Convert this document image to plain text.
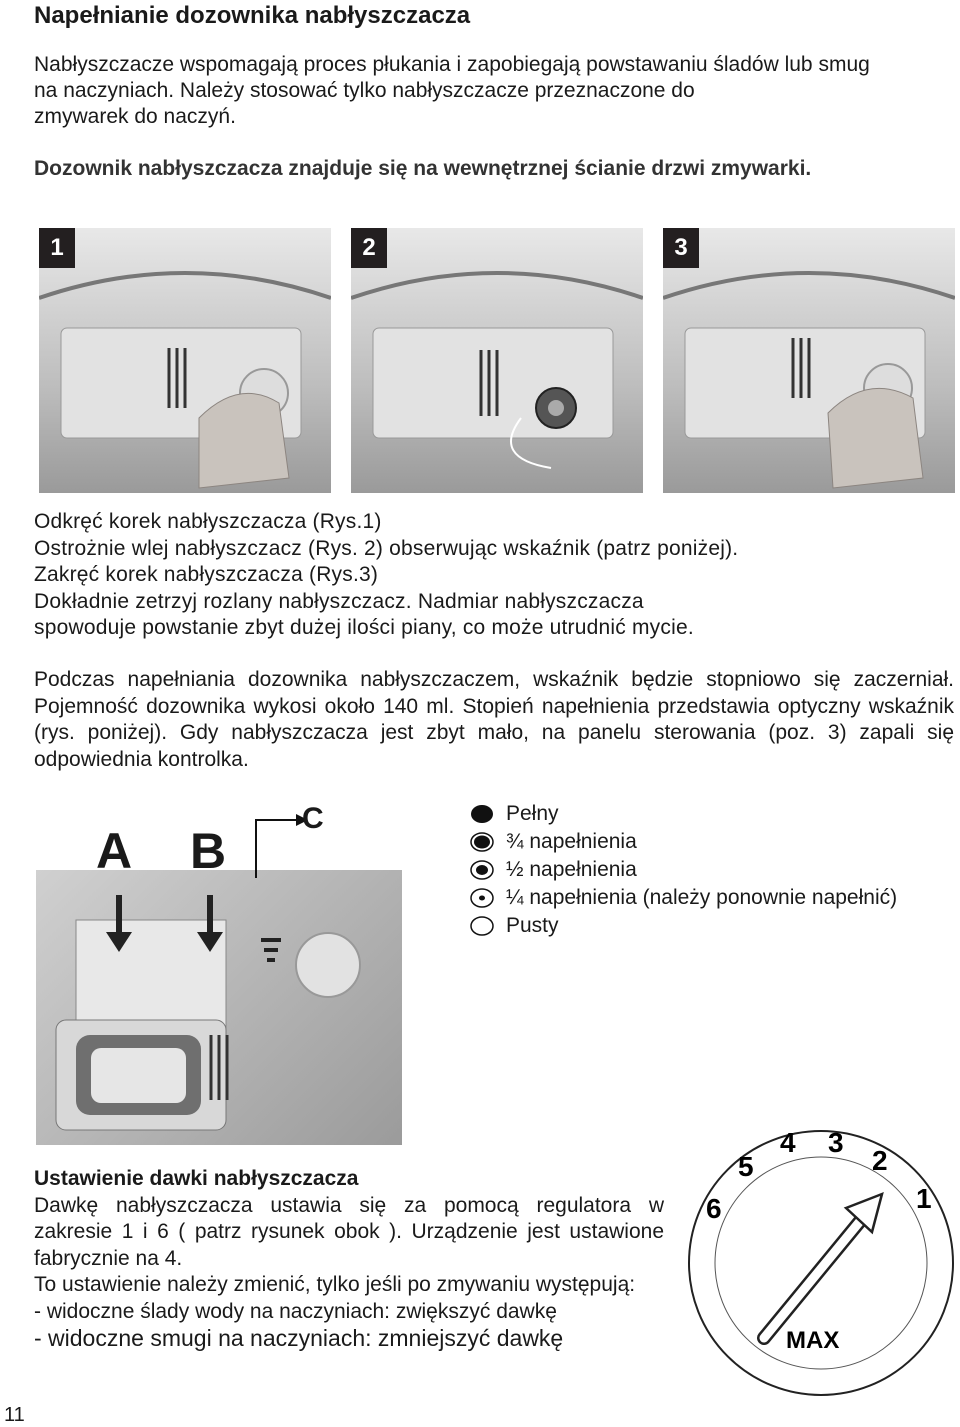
Napełnianie dozownika nabłyszczacza

Nabłyszczacze wspomagają proces płukania i zapobiegają powstawaniu śladów lub smug

na naczyniach. Należy stosować tylko nabłyszczacze przeznaczone do

zmywarek do naczyń.

Dozownik nabłyszczacza znajduje się na wewnętrznej ścianie drzwi zmywarki.

1	2	3
Odkręć korek nabłyszczacza (Rys.1)
Ostrożnie wlej nabłyszczacz (Rys. 2) obserwując wskaźnik (patrz poniżej).
Zakręć korek nabłyszczacza (Rys.3)
Dokładnie zetrzyj rozlany nabłyszczacz. Nadmiar nabłyszczacza
spowoduje powstanie zbyt dużej ilości piany, co może utrudnić mycie.
Podczas napełniania dozownika nabłyszczaczem, wskaźnik będzie stopniowo się zaczerniał. Pojemność dozownika wykosi około 140 ml. Stopień napełnienia przedstawia optyczny wskaźnik (rys. poniżej). Gdy nabłyszczacza jest zbyt mało, na panelu sterowania (poz. 3) zapali się odpowiednia kontrolka.
A B
C	Pełny
¾ napełnienia
½ napełnienia
¼ napełnienia (należy ponownie napełnić)
Pusty
Ustawienie dawki nabłyszczacza
Dawkę nabłyszczacza ustawia się za pomocą regulatora w zakresie 1 i 6 ( patrz rysunek obok ). Urządzenie jest ustawione fabrycznie na 4.
To ustawienie należy zmienić, tylko jeśli po zmywaniu występują:
- widoczne ślady wody na naczyniach: zwiększyć dawkę
- widoczne smugi na naczyniach: zmniejszyć dawkę
1
2
3
4
5
6
MAX
11
